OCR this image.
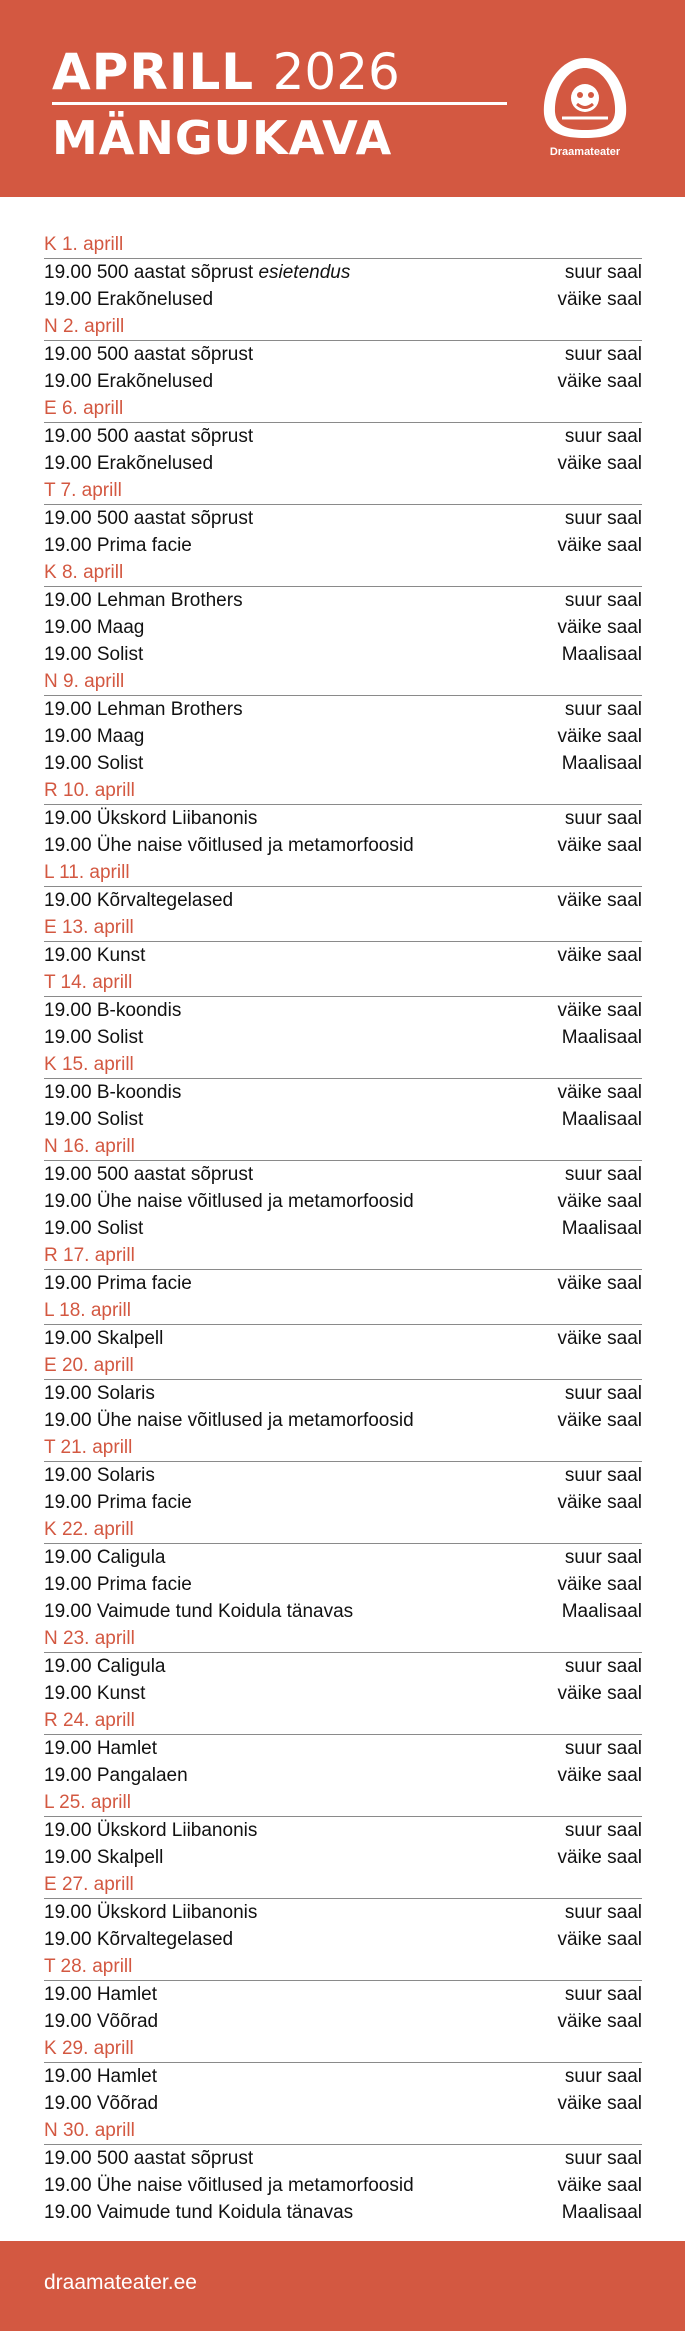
APRILL 2026
MÄNGUKAVA	Draamateater
K 1. aprill
19.00 500 aastat sõprust esietendus	suur saal
19.00 Erakõnelused	väike saal
N 2. aprill
19.00 500 aastat sõprust	suur saal
19.00 Erakõnelused	väike saal
E 6. aprill
19.00 500 aastat sõprust	suur saal
19.00 Erakõnelused	väike saal
T 7. aprill
19.00 500 aastat sõprust	suur saal
19.00 Prima facie	väike saal
K 8. aprill
19.00 Lehman Brothers	suur saal
19.00 Maag	väike saal
19.00 Solist	Maalisaal
N 9. aprill
19.00 Lehman Brothers	suur saal
19.00 Maag	väike saal
19.00 Solist	Maalisaal
R 10. aprill
19.00 Ükskord Liibanonis	suur saal
19.00 Ühe naise võitlused ja metamorfoosid	väike saal
L 11. aprill
19.00 Kõrvaltegelased	väike saal
E 13. aprill
19.00 Kunst	väike saal
T 14. aprill
19.00 B-koondis	väike saal
19.00 Solist	Maalisaal
K 15. aprill
19.00 B-koondis	väike saal
19.00 Solist	Maalisaal
N 16. aprill
19.00 500 aastat sõprust	suur saal
19.00 Ühe naise võitlused ja metamorfoosid	väike saal
19.00 Solist	Maalisaal
R 17. aprill
19.00 Prima facie	väike saal
L 18. aprill
19.00 Skalpell	väike saal
E 20. aprill
19.00 Solaris	suur saal
19.00 Ühe naise võitlused ja metamorfoosid	väike saal
T 21. aprill
19.00 Solaris	suur saal
19.00 Prima facie	väike saal
K 22. aprill
19.00 Caligula	suur saal
19.00 Prima facie	väike saal
19.00 Vaimude tund Koidula tänavas	Maalisaal
N 23. aprill
19.00 Caligula	suur saal
19.00 Kunst	väike saal
R 24. aprill
19.00 Hamlet	suur saal
19.00 Pangalaen	väike saal
L 25. aprill
19.00 Ükskord Liibanonis	suur saal
19.00 Skalpell	väike saal
E 27. aprill
19.00 Ükskord Liibanonis	suur saal
19.00 Kõrvaltegelased	väike saal
T 28. aprill
19.00 Hamlet	suur saal
19.00 Võõrad	väike saal
K 29. aprill
19.00 Hamlet	suur saal
19.00 Võõrad	väike saal
N 30. aprill
19.00 500 aastat sõprust	suur saal
19.00 Ühe naise võitlused ja metamorfoosid	väike saal
19.00 Vaimude tund Koidula tänavas	Maalisaal
draamateater.ee
